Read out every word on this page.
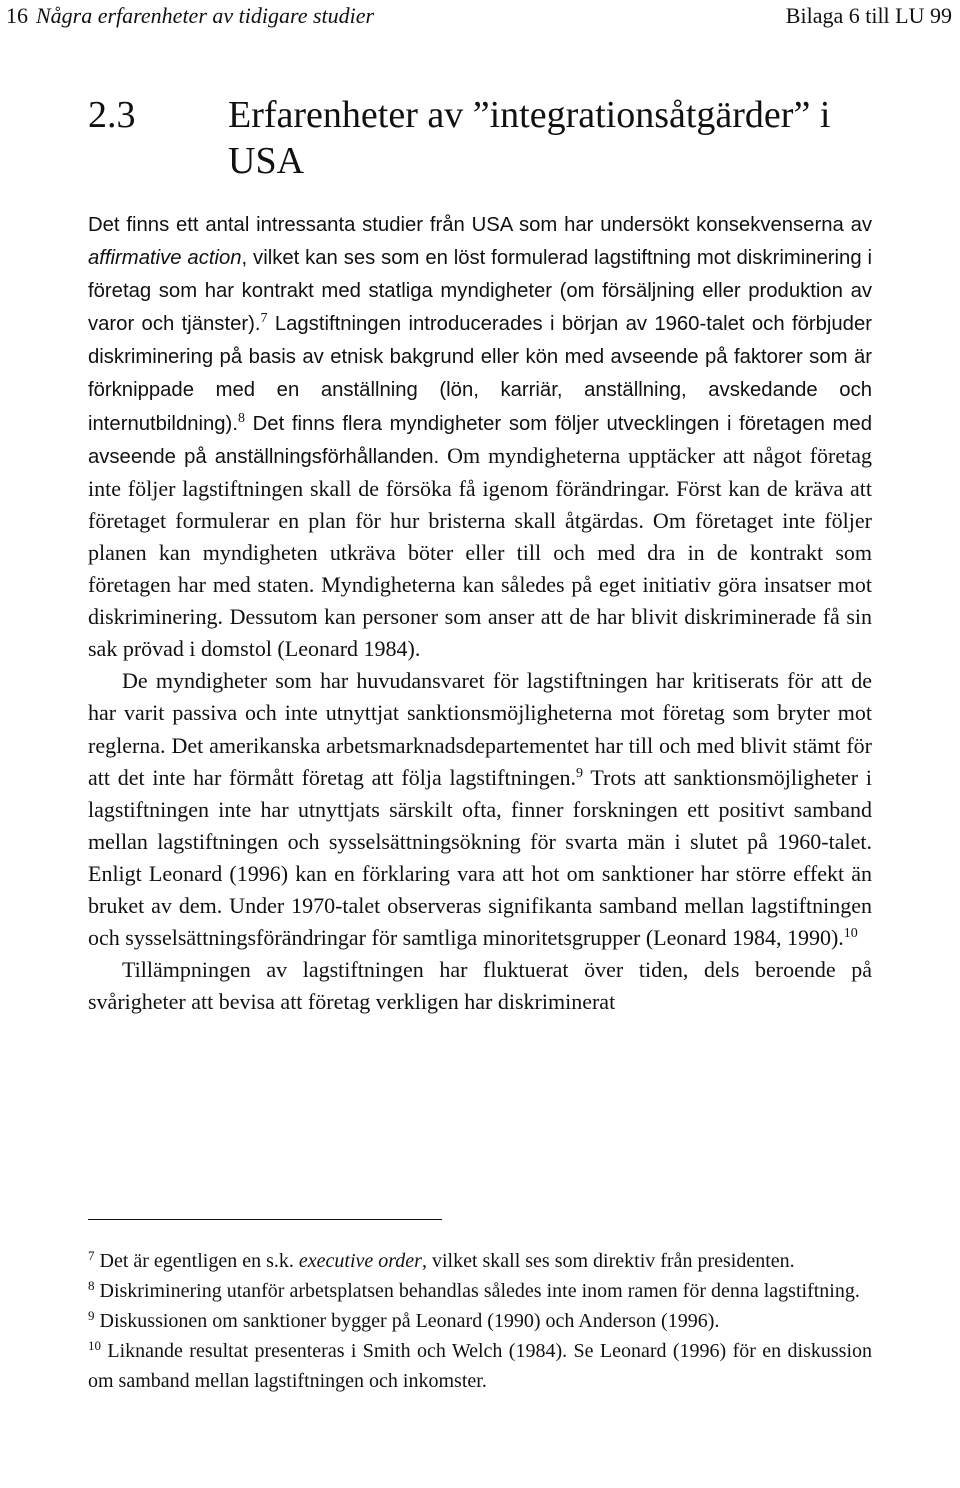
16 Några erfarenheter av tidigare studier	Bilaga 6 till LU 99
2.3	Erfarenheter av ”integrationsåtgärder” i USA

Det finns ett antal intressanta studier från USA som har undersökt konsekvenserna av affirmative action, vilket kan ses som en löst formulerad lagstiftning mot diskriminering i företag som har kontrakt med statliga myndigheter (om försäljning eller produktion av varor och tjänster).$^7$ Lagstiftningen introducerades i början av 1960-talet och förbjuder diskriminering på basis av etnisk bakgrund eller kön med avseende på faktorer som är förknippade med en anställning (lön, karriär, anställning, avskedande och internutbildning).$^8$ Det finns flera myndigheter som följer utvecklingen i företagen med avseende på anställningsförhållanden. Om myndigheterna upptäcker att något företag inte följer lagstiftningen skall de försöka få igenom förändringar. Först kan de kräva att företaget formulerar en plan för hur bristerna skall åtgärdas. Om företaget inte följer planen kan myndigheten utkräva böter eller till och med dra in de kontrakt som företagen har med staten. Myndigheterna kan således på eget initiativ göra insatser mot diskriminering. Dessutom kan personer som anser att de har blivit diskriminerade få sin sak prövad i domstol (Leonard 1984).

De myndigheter som har huvudansvaret för lagstiftningen har kritiserats för att de har varit passiva och inte utnyttjat sanktionsmöjligheterna mot företag som bryter mot reglerna. Det amerikanska arbetsmarknadsdepartementet har till och med blivit stämt för att det inte har förmått företag att följa lagstiftningen.$^9$ Trots att sanktionsmöjligheter i lagstiftningen inte har utnyttjats särskilt ofta, finner forskningen ett positivt samband mellan lagstiftningen och sysselsättningsökning för svarta män i slutet på 1960-talet. Enligt Leonard (1996) kan en förklaring vara att hot om sanktioner har större effekt än bruket av dem. Under 1970-talet observeras signifikanta samband mellan lagstiftningen och sysselsättningsförändringar för samtliga minoritetsgrupper (Leonard 1984, 1990).$^{10}$

Tillämpningen av lagstiftningen har fluktuerat över tiden, dels beroende på svårigheter att bevisa att företag verkligen har diskriminerat

$^7$ Det är egentligen en s.k. executive order, vilket skall ses som direktiv från presidenten.

$^8$ Diskriminering utanför arbetsplatsen behandlas således inte inom ramen för denna lagstiftning.

$^9$ Diskussionen om sanktioner bygger på Leonard (1990) och Anderson (1996).

$^{10}$ Liknande resultat presenteras i Smith och Welch (1984). Se Leonard (1996) för en diskussion om samband mellan lagstiftningen och inkomster.
